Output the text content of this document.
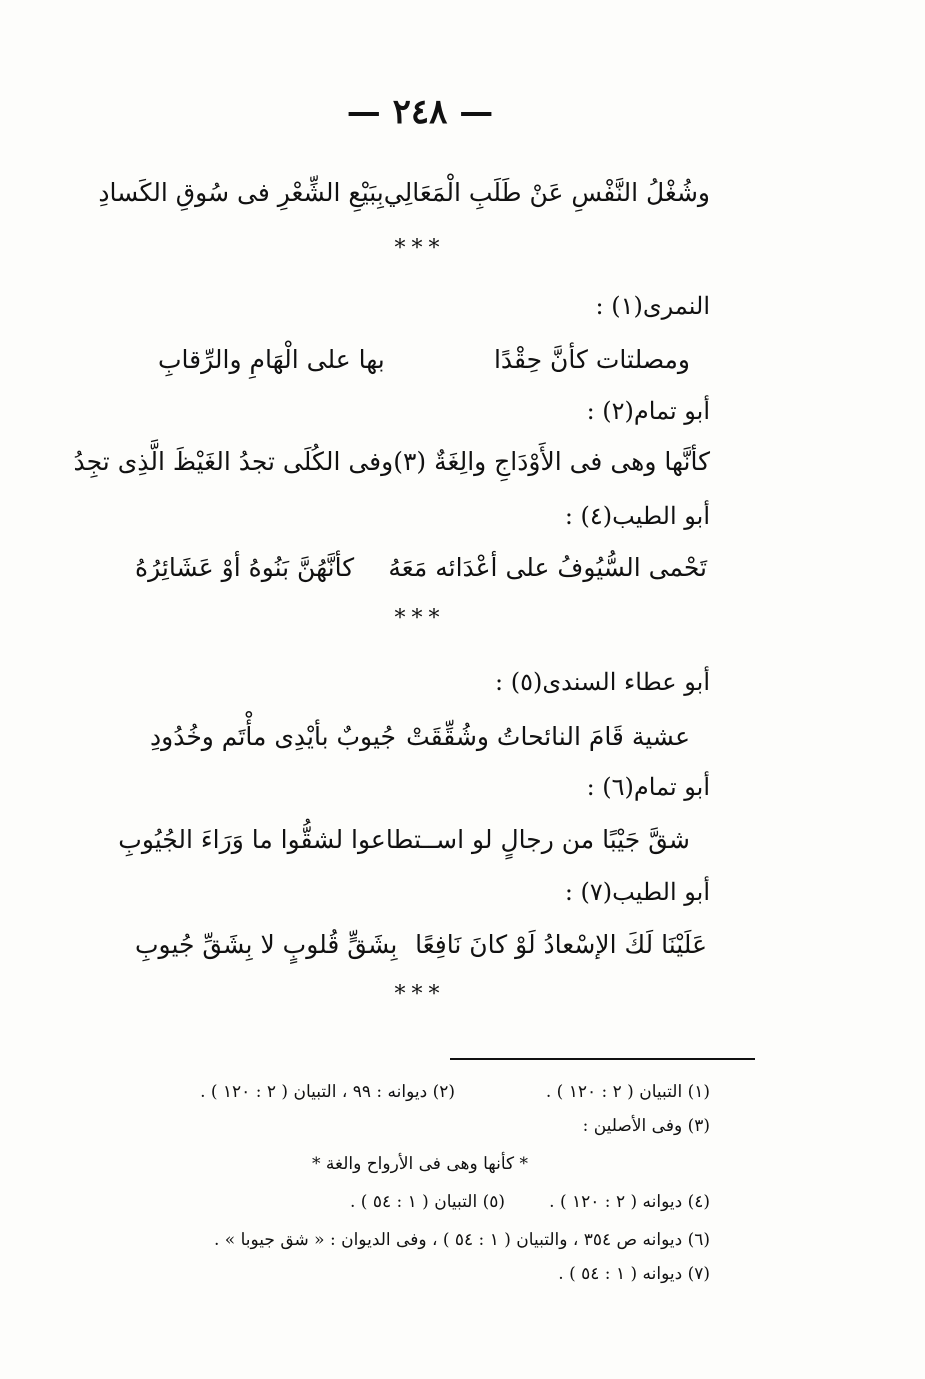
— ٢٤٨ —
وشُغْلُ النَّفْسِ عَنْ طَلَبِ الْمَعَالِي
بِبَيْعِ الشِّعْرِ فى سُوقِ الكَسادِ
***
النمرى(١) :
ومصلتات كأنَّ حِقْدًا
بها على الْهَامِ والرِّقابِ
أبو تمام(٢) :
كأنَّها وهى فى الأَوْدَاجِ والِغَةٌ (٣)
وفى الكُلَى تجدُ الغَيْظَ الَّذِى تجِدُ
أبو الطيب(٤) :
تَحْمى السُّيُوفُ على أعْدَائه مَعَهُ
كأنَّهُنَّ بَنُوهُ أوْ عَشَائِرُهُ
***
أبو عطاء السندى(٥) :
عشية قَامَ النائحاتُ وشُقِّقَتْ
جُيوبٌ بأيْدِى مأْتَم وخُدُودِ
أبو تمام(٦) :
شقَّ جَيْبًا من رجالٍ لو اسـ
ـتطاعوا لشقُّوا ما وَرَاءَ الجُيُوبِ
أبو الطيب(٧) :
عَلَيْنَا لَكَ الإسْعادُ لَوْ كانَ نَافِعًا
بِشَقٍّ قُلوبٍ لا بِشَقِّ جُيوبِ
***
(١) التبيان ( ٢ : ١٢٠ ) .
(٢) ديوانه : ٩٩ ، التبيان ( ٢ : ١٢٠ ) .
(٣) وفى الأصلين :
* كأنها وهى فى الأرواح والغة *
(٤) ديوانه ( ٢ : ١٢٠ ) .
(٥) التبيان ( ١ : ٥٤ ) .
(٦) ديوانه ص ٣٥٤ ، والتبيان ( ١ : ٥٤ ) ، وفى الديوان : « شق جيوبا » .
(٧) ديوانه ( ١ : ٥٤ ) .
